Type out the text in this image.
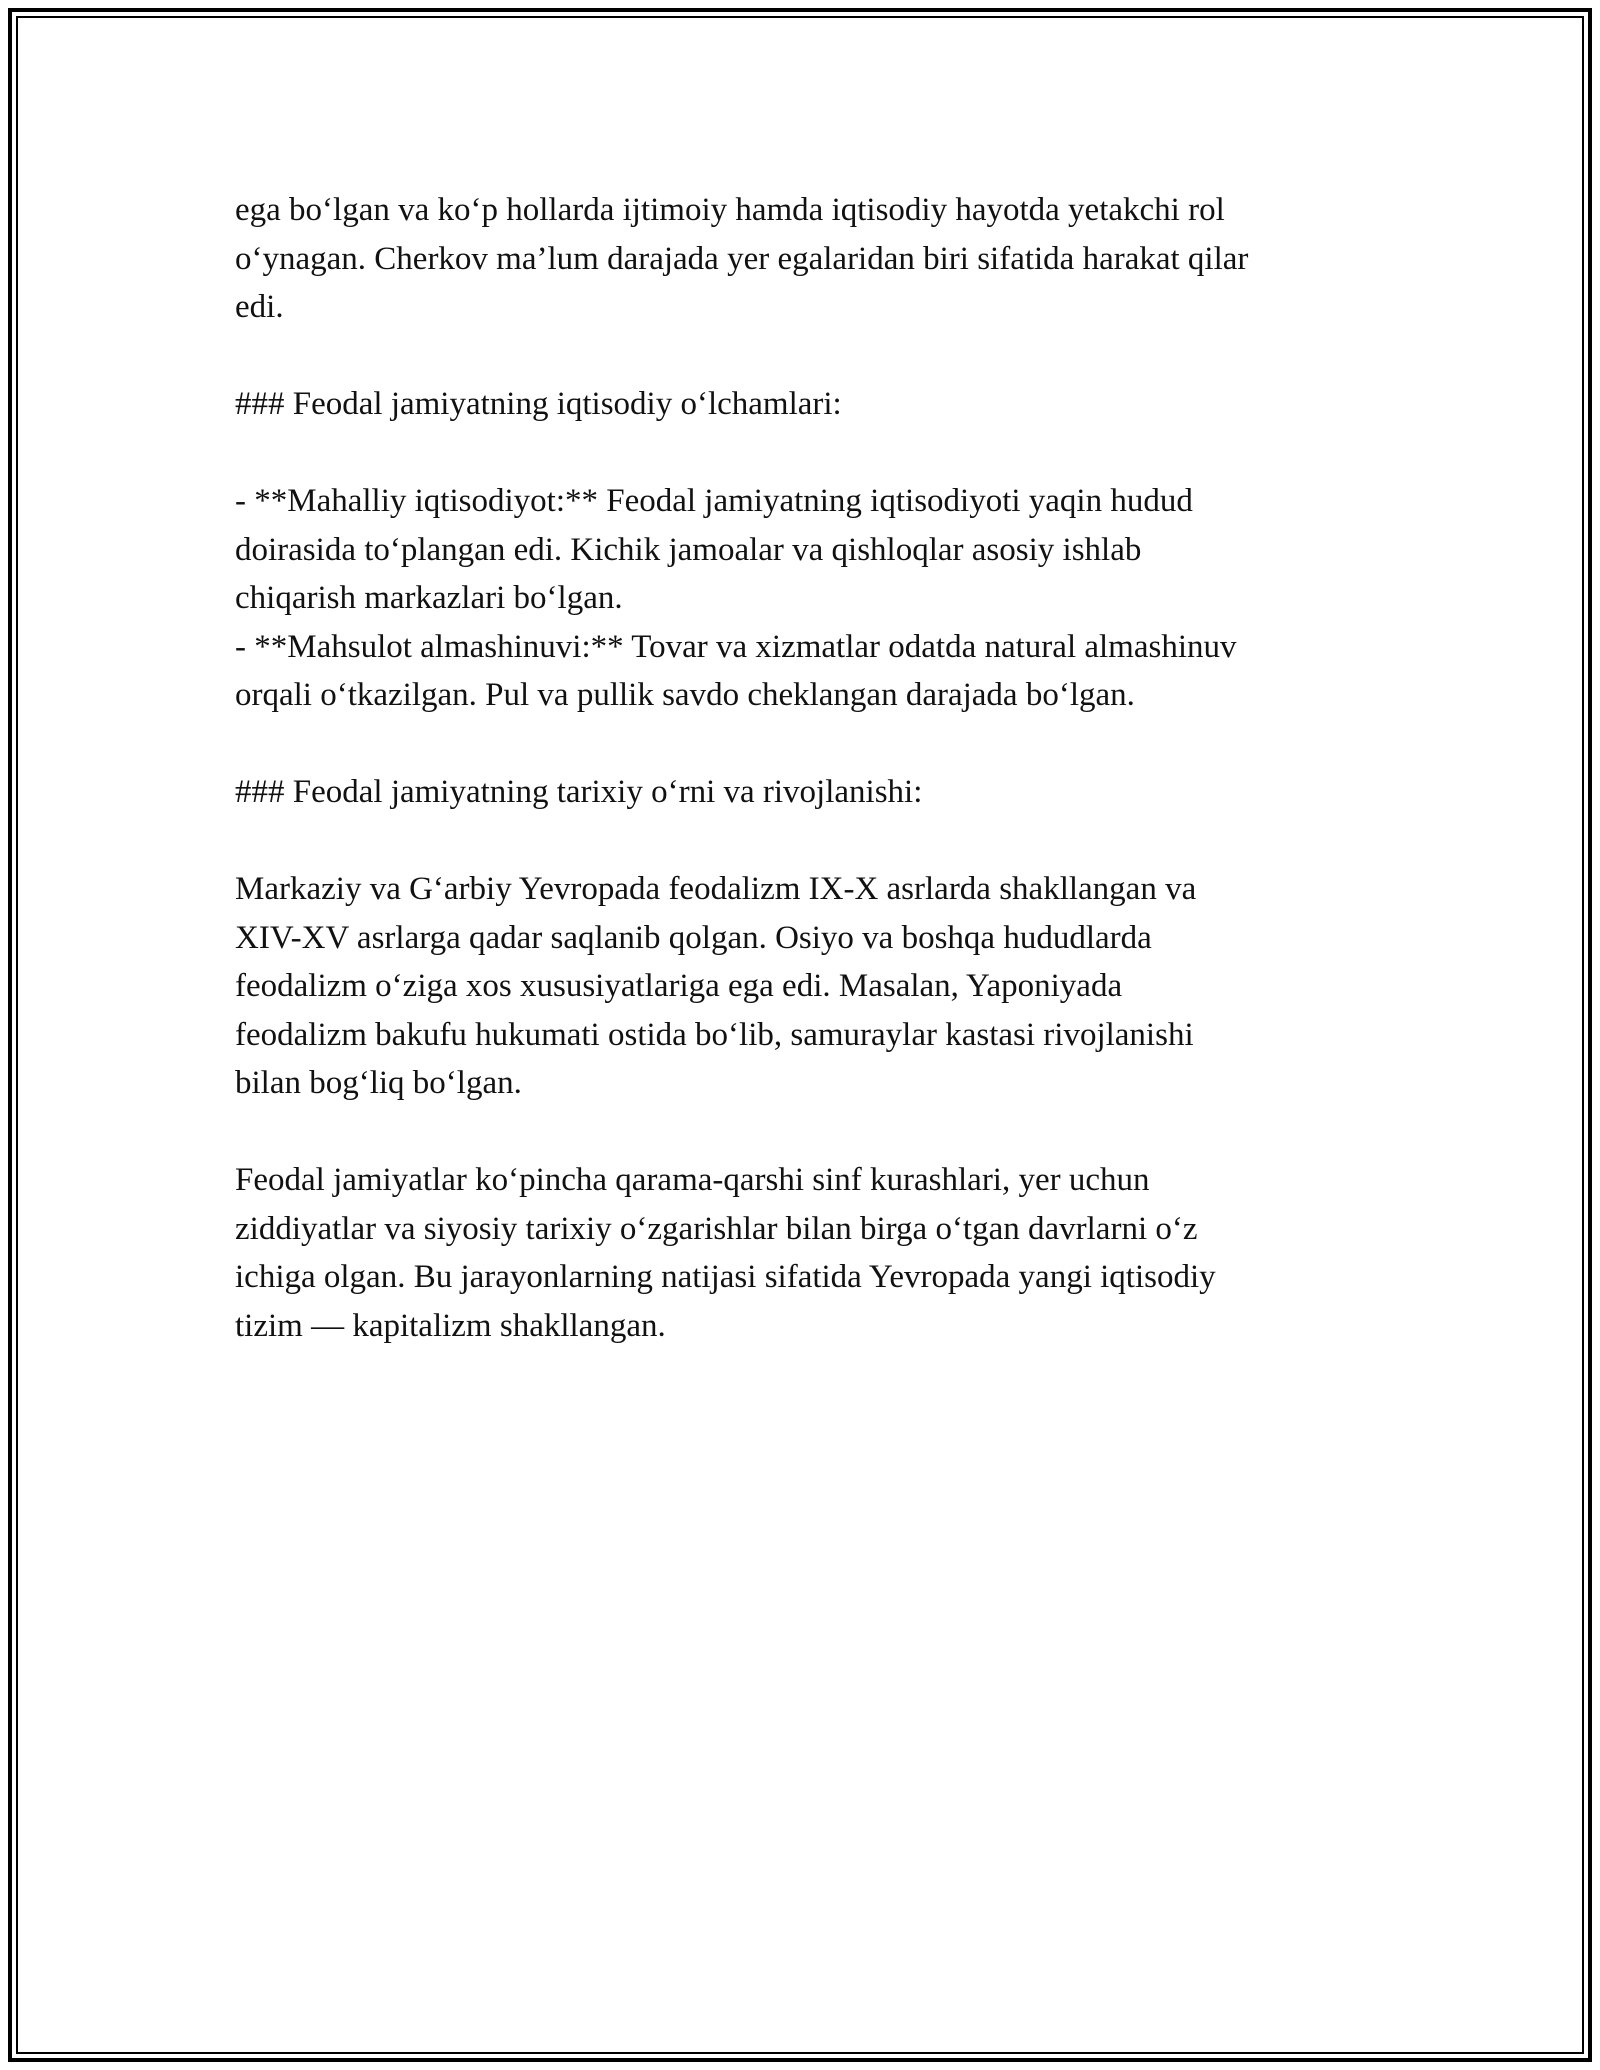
ega bo‘lgan va ko‘p hollarda ijtimoiy hamda iqtisodiy hayotda yetakchi rol
o‘ynagan. Cherkov ma’lum darajada yer egalaridan biri sifatida harakat qilar
edi.

### Feodal jamiyatning iqtisodiy o‘lchamlari:

- **Mahalliy iqtisodiyot:** Feodal jamiyatning iqtisodiyoti yaqin hudud
doirasida to‘plangan edi. Kichik jamoalar va qishloqlar asosiy ishlab
chiqarish markazlari bo‘lgan.

- **Mahsulot almashinuvi:** Tovar va xizmatlar odatda natural almashinuv
orqali o‘tkazilgan. Pul va pullik savdo cheklangan darajada bo‘lgan.

### Feodal jamiyatning tarixiy o‘rni va rivojlanishi:

Markaziy va G‘arbiy Yevropada feodalizm IX-X asrlarda shakllangan va
XIV-XV asrlarga qadar saqlanib qolgan. Osiyo va boshqa hududlarda
feodalizm o‘ziga xos xususiyatlariga ega edi. Masalan, Yaponiyada
feodalizm bakufu hukumati ostida bo‘lib, samuraylar kastasi rivojlanishi
bilan bog‘liq bo‘lgan.

Feodal jamiyatlar ko‘pincha qarama-qarshi sinf kurashlari, yer uchun
ziddiyatlar va siyosiy tarixiy o‘zgarishlar bilan birga o‘tgan davrlarni o‘z
ichiga olgan. Bu jarayonlarning natijasi sifatida Yevropada yangi iqtisodiy
tizim — kapitalizm shakllangan.
